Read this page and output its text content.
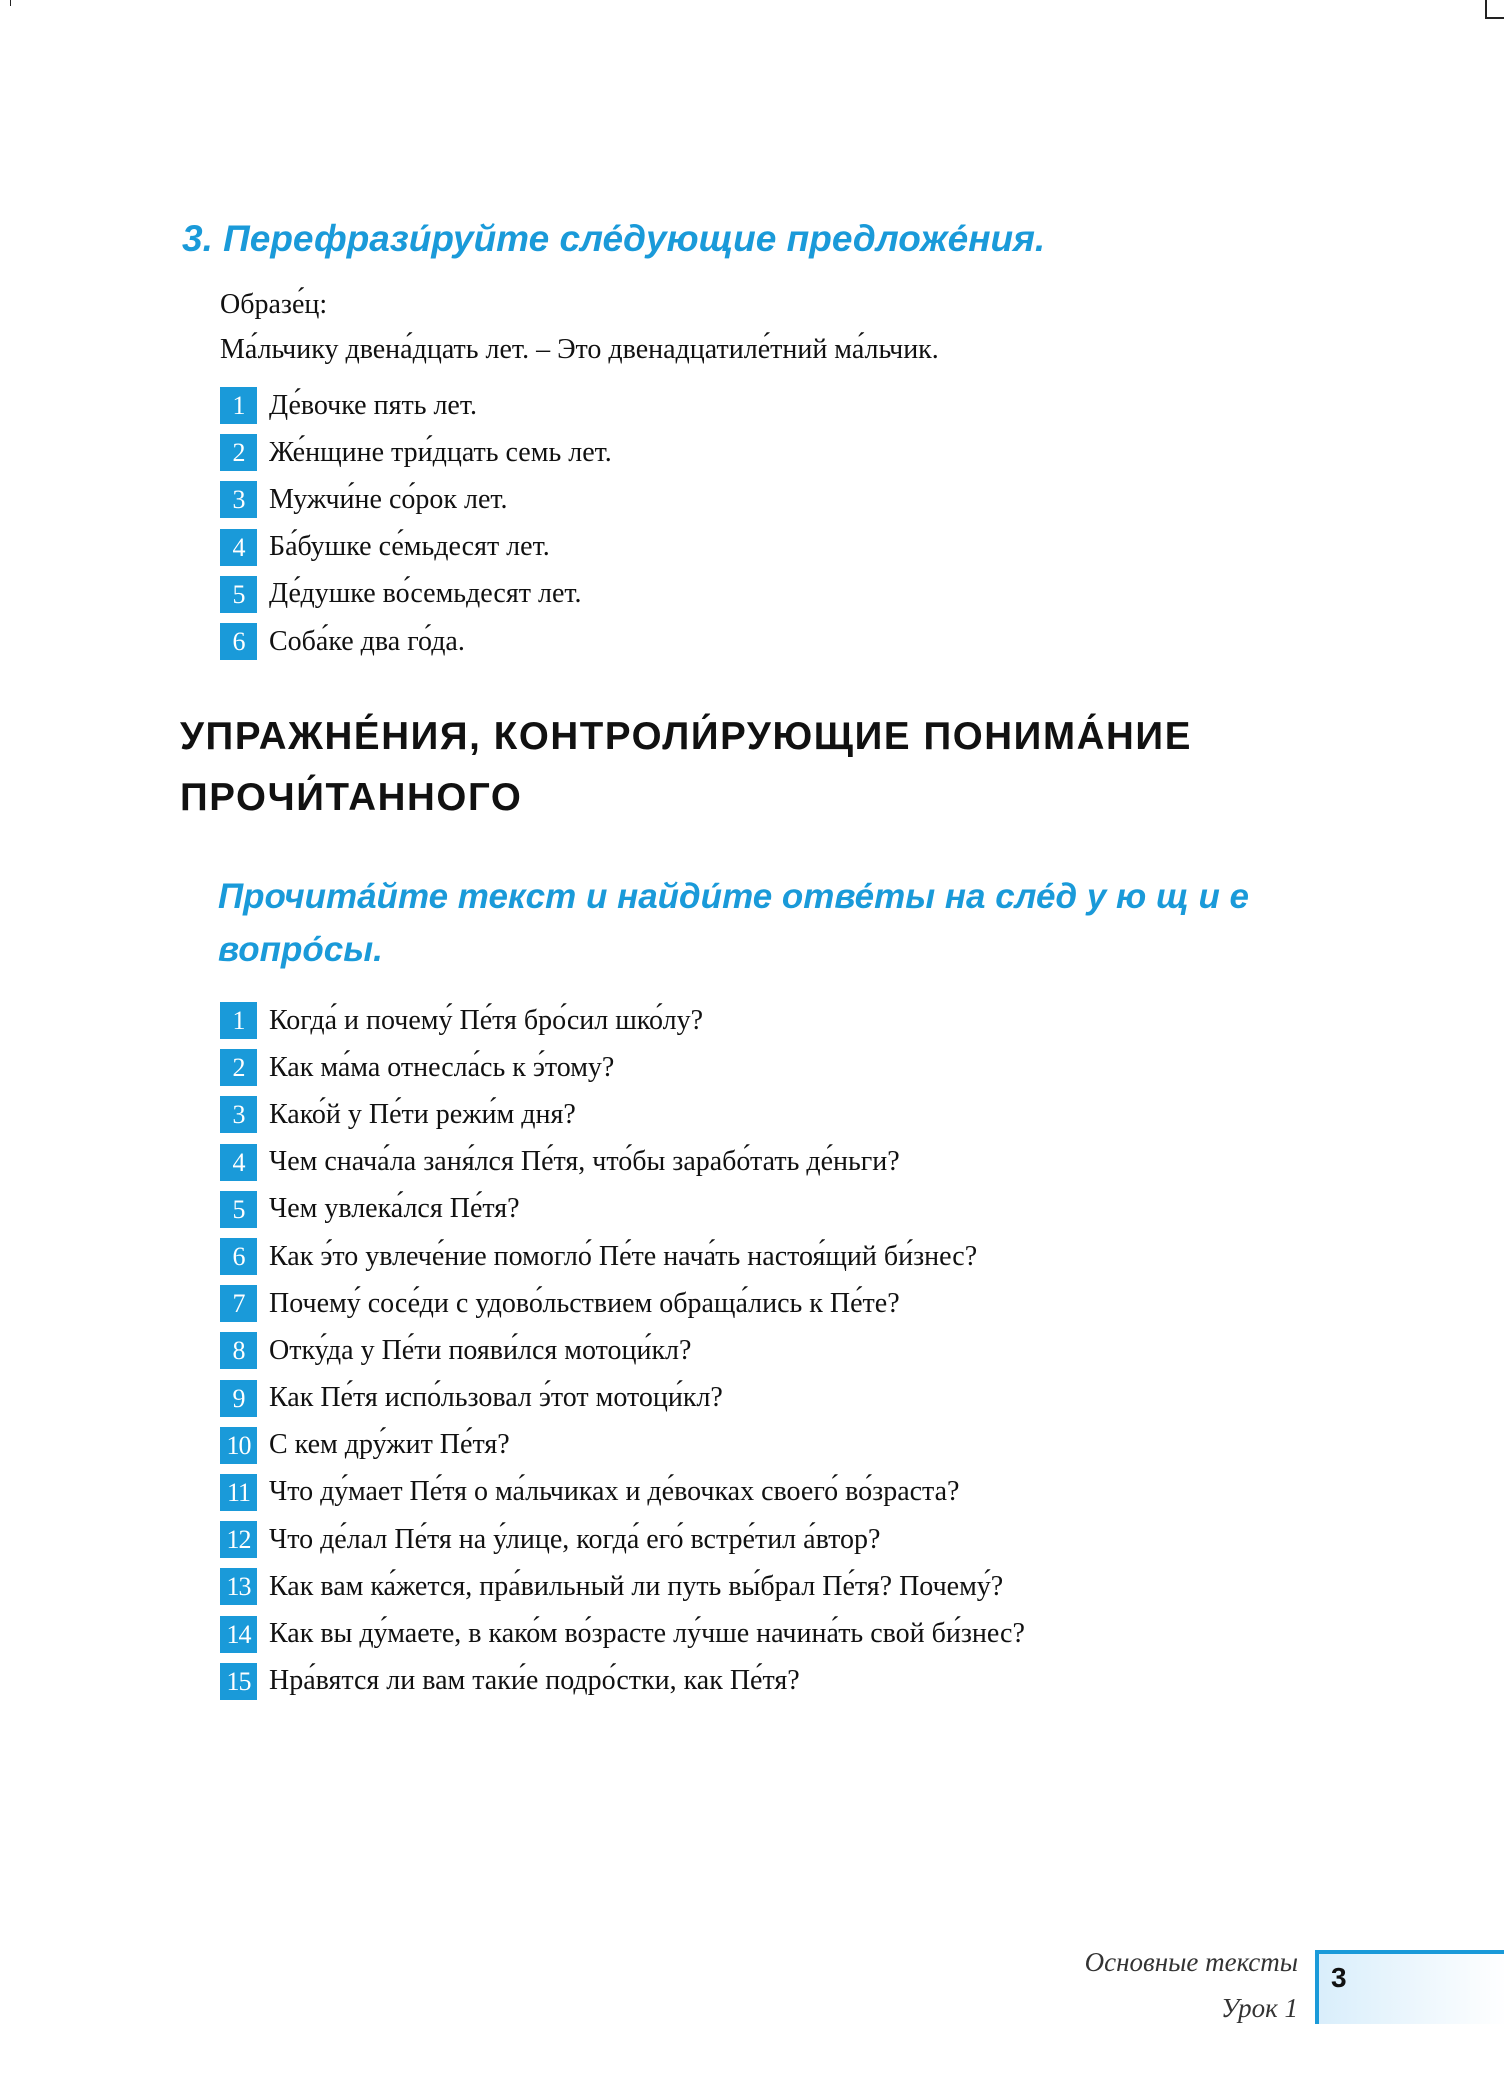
3. Перефрази́руйте сле́дующие предложе́ния.
Образе́ц:
Ма́льчику двена́дцать лет. – Это двенадцатиле́тний ма́льчик.
1 Де́вочке пять лет.
2 Же́нщине три́дцать семь лет.
3 Мужчи́не со́рок лет.
4 Ба́бушке се́мьдесят лет.
5 Де́душке во́семьдесят лет.
6 Соба́ке два го́да.
УПРАЖНЕ́НИЯ, КОНТРОЛИ́РУЮЩИЕ ПОНИМА́НИЕ
ПРОЧИ́ТАННОГО
Прочита́йте текст и найди́те отве́ты на сле́д у ю щ и е
вопро́сы.
1 Когда́ и почему́ Пе́тя бро́сил шко́лу?
2 Как ма́ма отнесла́сь к э́тому?
3 Како́й у Пе́ти режи́м дня?
4 Чем снача́ла заня́лся Пе́тя, что́бы зарабо́тать де́ньги?
5 Чем увлека́лся Пе́тя?
6 Как э́то увлече́ние помогло́ Пе́те нача́ть настоя́щий би́знес?
7 Почему́ сосе́ди с удово́льствием обраща́лись к Пе́те?
8 Отку́да у Пе́ти появи́лся мотоци́кл?
9 Как Пе́тя испо́льзовал э́тот мотоци́кл?
10 С кем дру́жит Пе́тя?
11 Что ду́мает Пе́тя о ма́льчиках и де́вочках своего́ во́зраста?
12 Что де́лал Пе́тя на у́лице, когда́ его́ встре́тил а́втор?
13 Как вам ка́жется, пра́вильный ли путь вы́брал Пе́тя? Почему́?
14 Как вы ду́маете, в како́м во́зрасте лу́чше начина́ть свой би́знес?
15 Нра́вятся ли вам таки́е подро́стки, как Пе́тя?
Основные тексты
Урок 1
3
